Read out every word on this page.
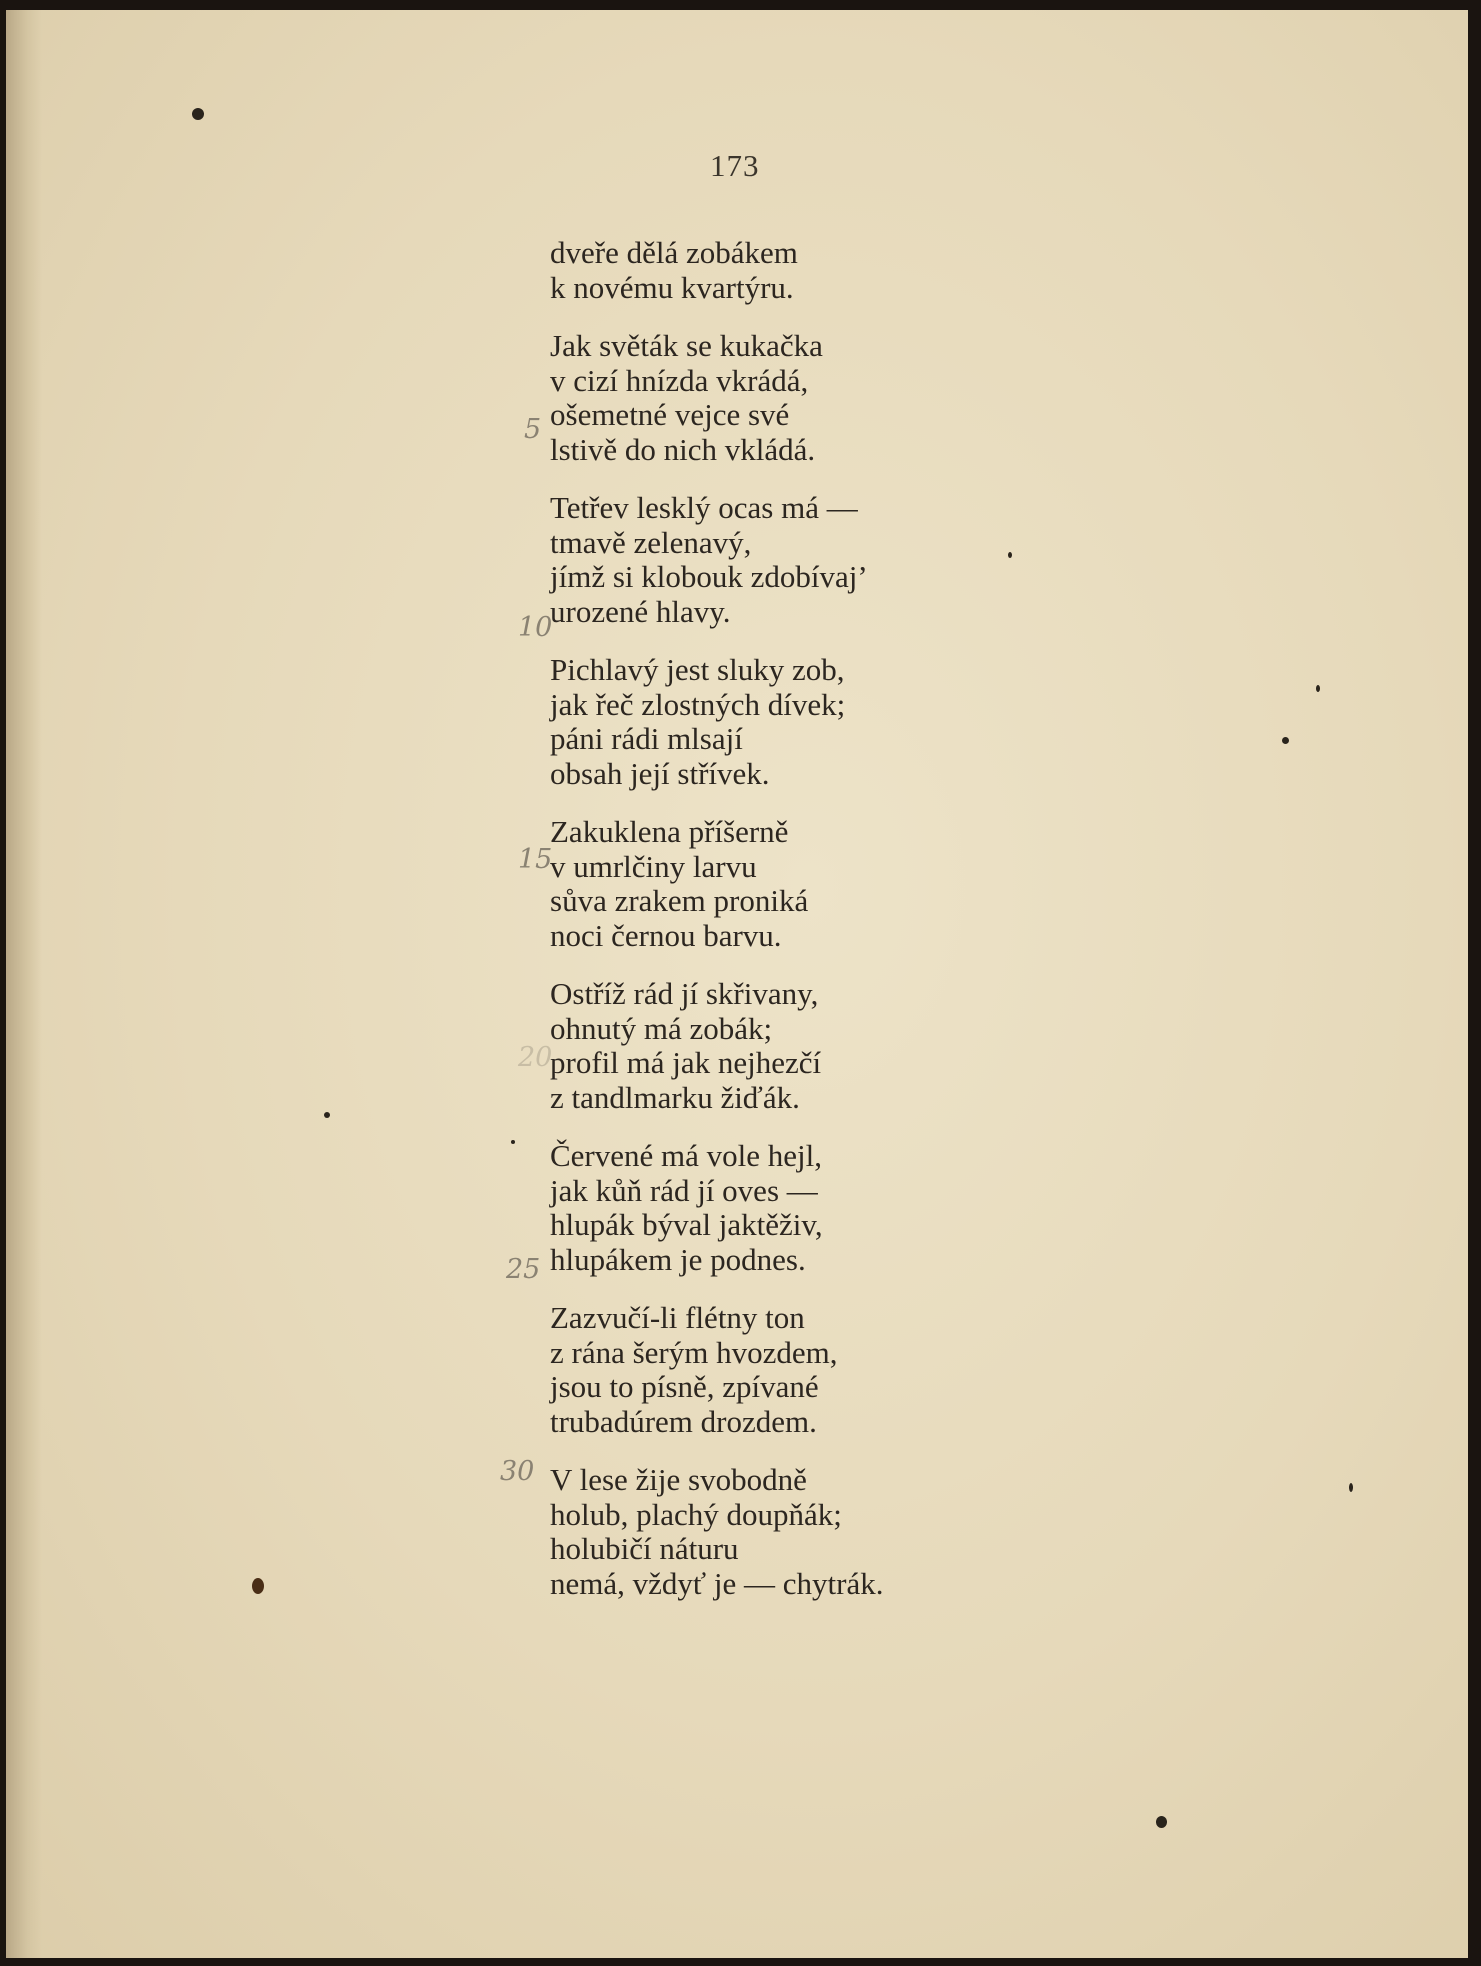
173
5
10
15
20
25
30
dveře dělá zobákem
k novému kvartýru.
Jak světák se kukačka
v cizí hnízda vkrádá,
ošemetné vejce své
lstivě do nich vkládá.
Tetřev lesklý ocas má —
tmavě zelenavý,
jímž si klobouk zdobívaj’
urozené hlavy.
Pichlavý jest sluky zob,
jak řeč zlostných dívek;
páni rádi mlsají
obsah její střívek.
Zakuklena příšerně
v umrlčiny larvu
sůva zrakem proniká
noci černou barvu.
Ostříž rád jí skřivany,
ohnutý má zobák;
profil má jak nejhezčí
z tandlmarku žiďák.
Červené má vole hejl,
jak kůň rád jí oves —
hlupák býval jaktěživ,
hlupákem je podnes.
Zazvučí-li flétny ton
z rána šerým hvozdem,
jsou to písně, zpívané
trubadúrem drozdem.
V lese žije svobodně
holub, plachý doupňák;
holubičí náturu
nemá, vždyť je — chytrák.
